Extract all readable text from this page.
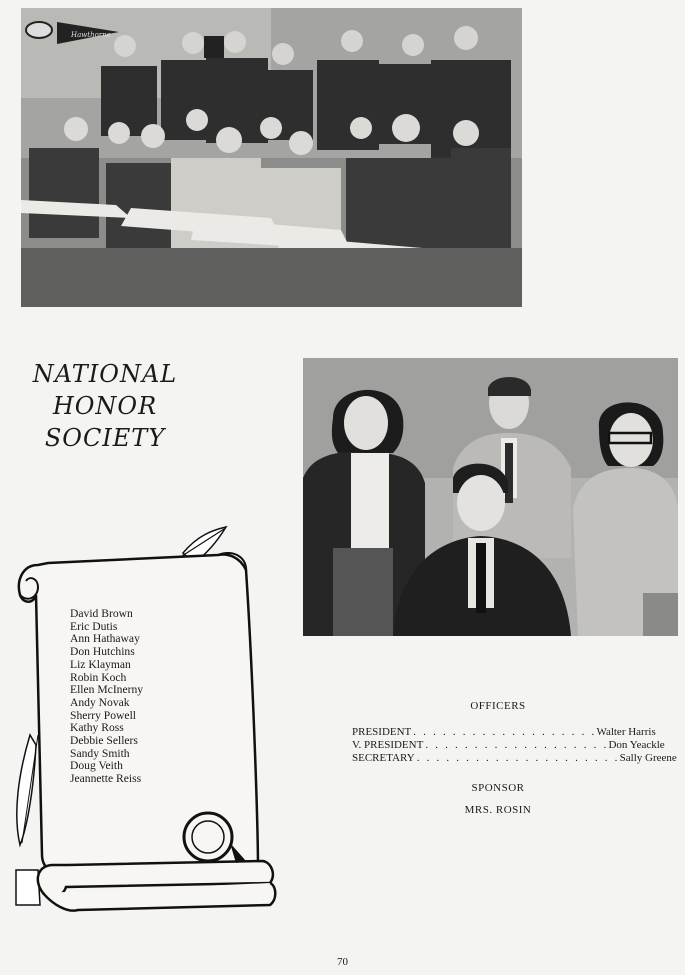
Hawthorne
NATIONAL
HONOR
SOCIETY
David Brown
Eric Dutis
Ann Hathaway
Don Hutchins
Liz Klayman
Robin Koch
Ellen McInerny
Andy Novak
Sherry Powell
Kathy Ross
Debbie Sellers
Sandy Smith
Doug Veith
Jeannette Reiss
OFFICERS
PRESIDENT . . . . . . . . . . . . . . . . . . . Walter Harris
V. PRESIDENT . . . . . . . . . . . . . . . . . . . Don Yeackle
SECRETARY . . . . . . . . . . . . . . . . . . . . . Sally Greene
SPONSOR
MRS. ROSIN
70
